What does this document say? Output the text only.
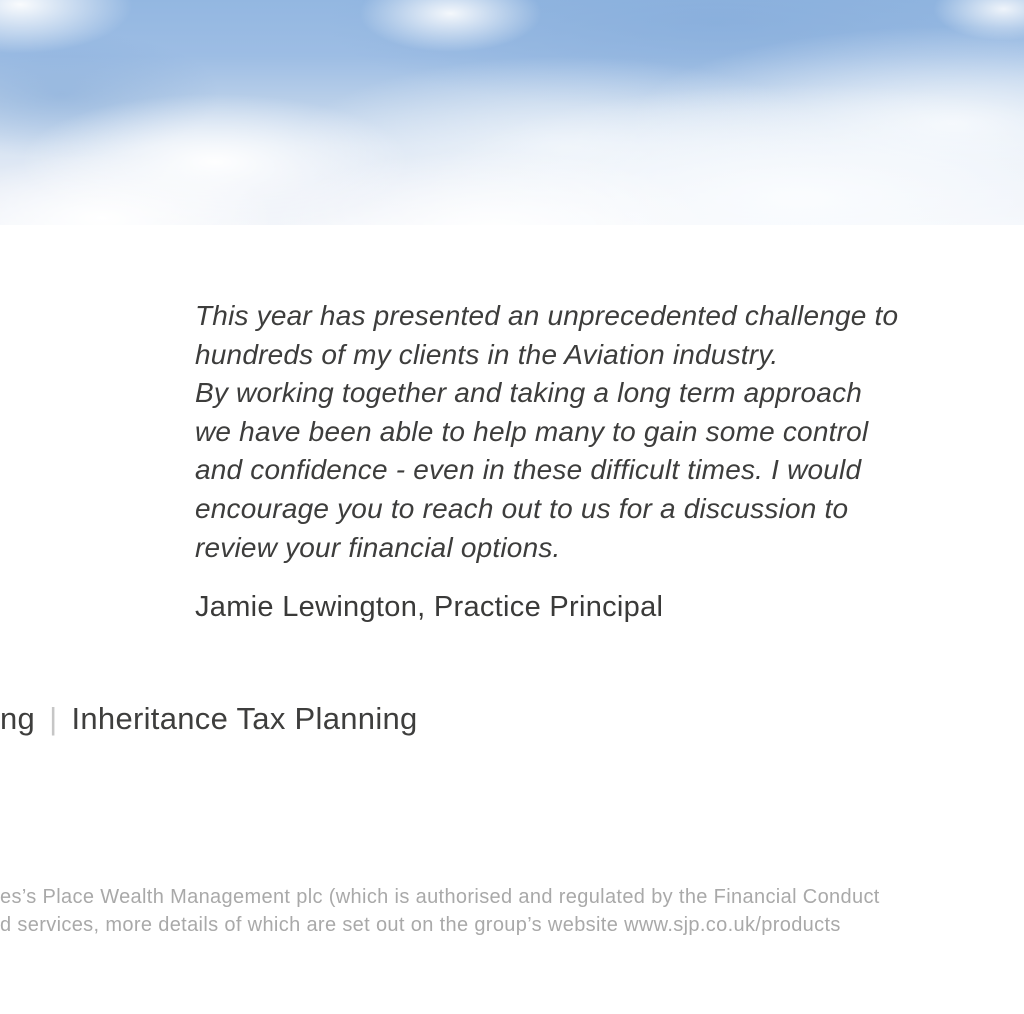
This year has presented an unprecedented challenge to
hundreds of my clients in the Aviation industry.
By working together and taking a long term approach
we have been able to help many to gain some control
and confidence - even in these difficult times. I would
encourage you to reach out to us for a discussion to
review your financial options.
Jamie Lewington, Practice Principal
ng | Inheritance Tax Planning
es’s Place Wealth Management plc (which is authorised and regulated by the Financial Conduct
d services, more details of which are set out on the group’s website www.sjp.co.uk/products
